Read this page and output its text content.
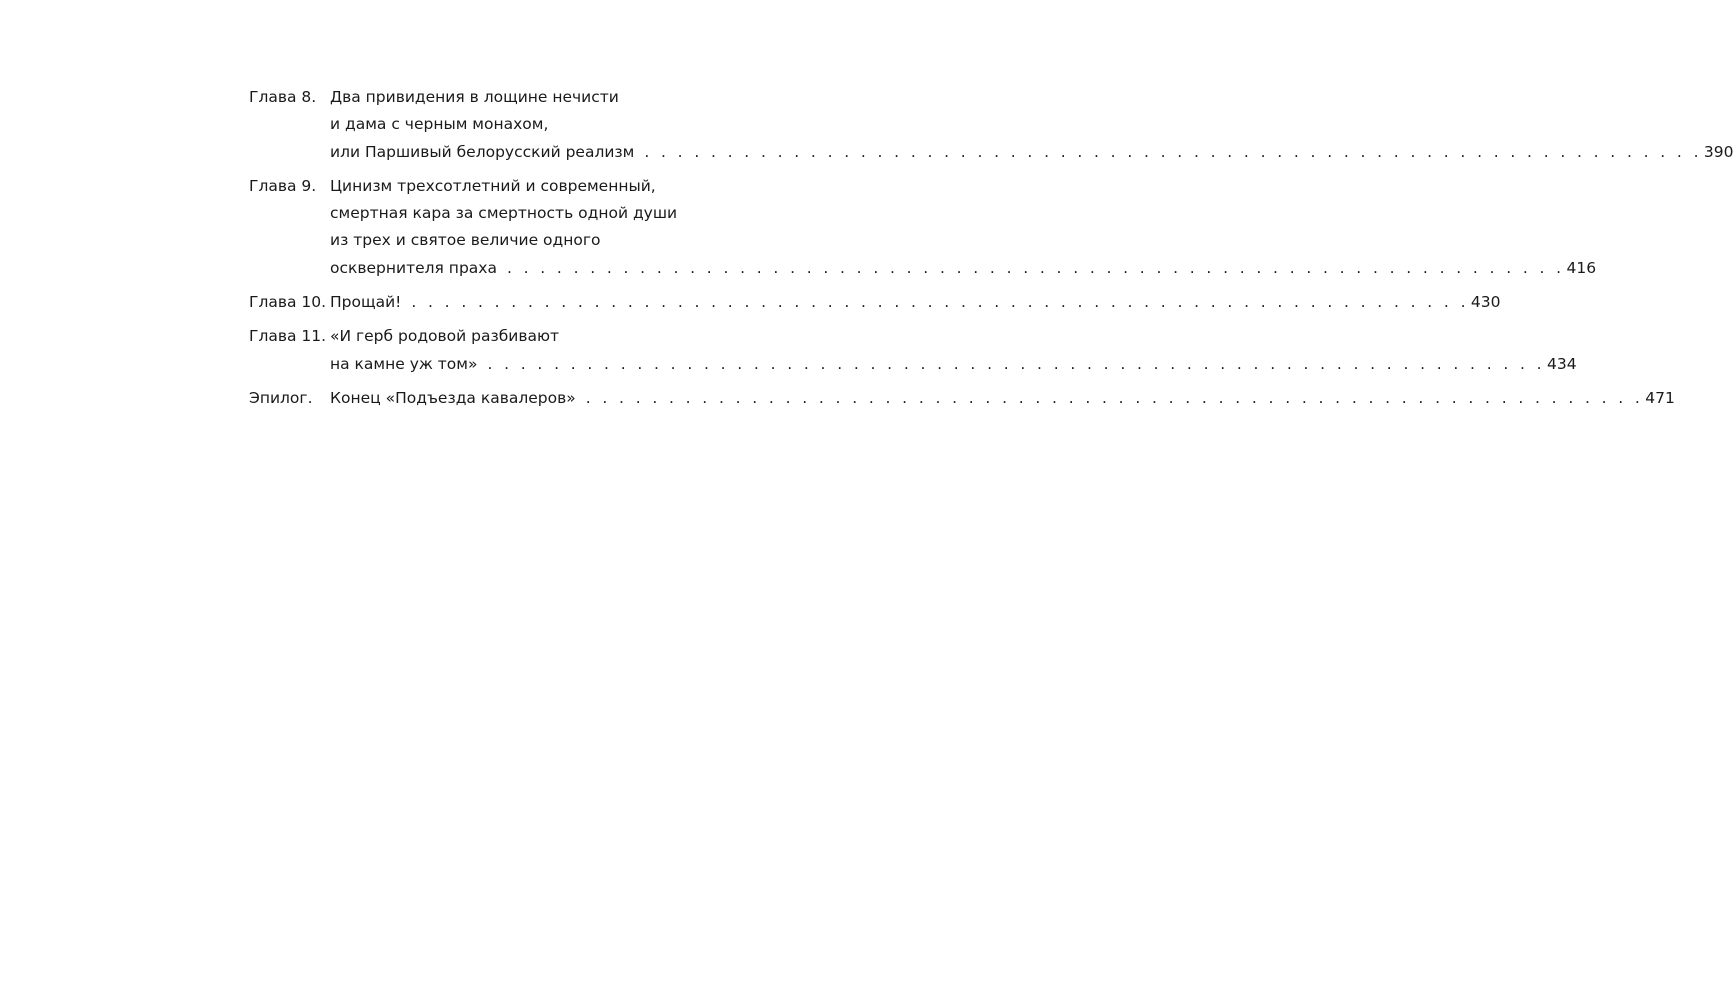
Глава 8. Два привидения в лощине нечисти
и дама с черным монахом,
или Паршивый белорусский реализм . . . . . . . . . . . . . . . . . . . . . . . . . . . . . . . . . . . . . . . . . . . . . . . . . . . . . . . . . . . . . . . . 390
Глава 9. Цинизм трехсотлетний и современный,
смертная кара за смертность одной души
из трех и святое величие одного
осквернителя праха . . . . . . . . . . . . . . . . . . . . . . . . . . . . . . . . . . . . . . . . . . . . . . . . . . . . . . . . . . . . . . . . 416
Глава 10. Прощай! . . . . . . . . . . . . . . . . . . . . . . . . . . . . . . . . . . . . . . . . . . . . . . . . . . . . . . . . . . . . . . . . 430
Глава 11. «И герб родовой разбивают
на камне уж том» . . . . . . . . . . . . . . . . . . . . . . . . . . . . . . . . . . . . . . . . . . . . . . . . . . . . . . . . . . . . . . . . 434
Эпилог.	Конец «Подъезда кавалеров» . . . . . . . . . . . . . . . . . . . . . . . . . . . . . . . . . . . . . . . . . . . . . . . . . . . . . . . . . . . . . . . . 471
